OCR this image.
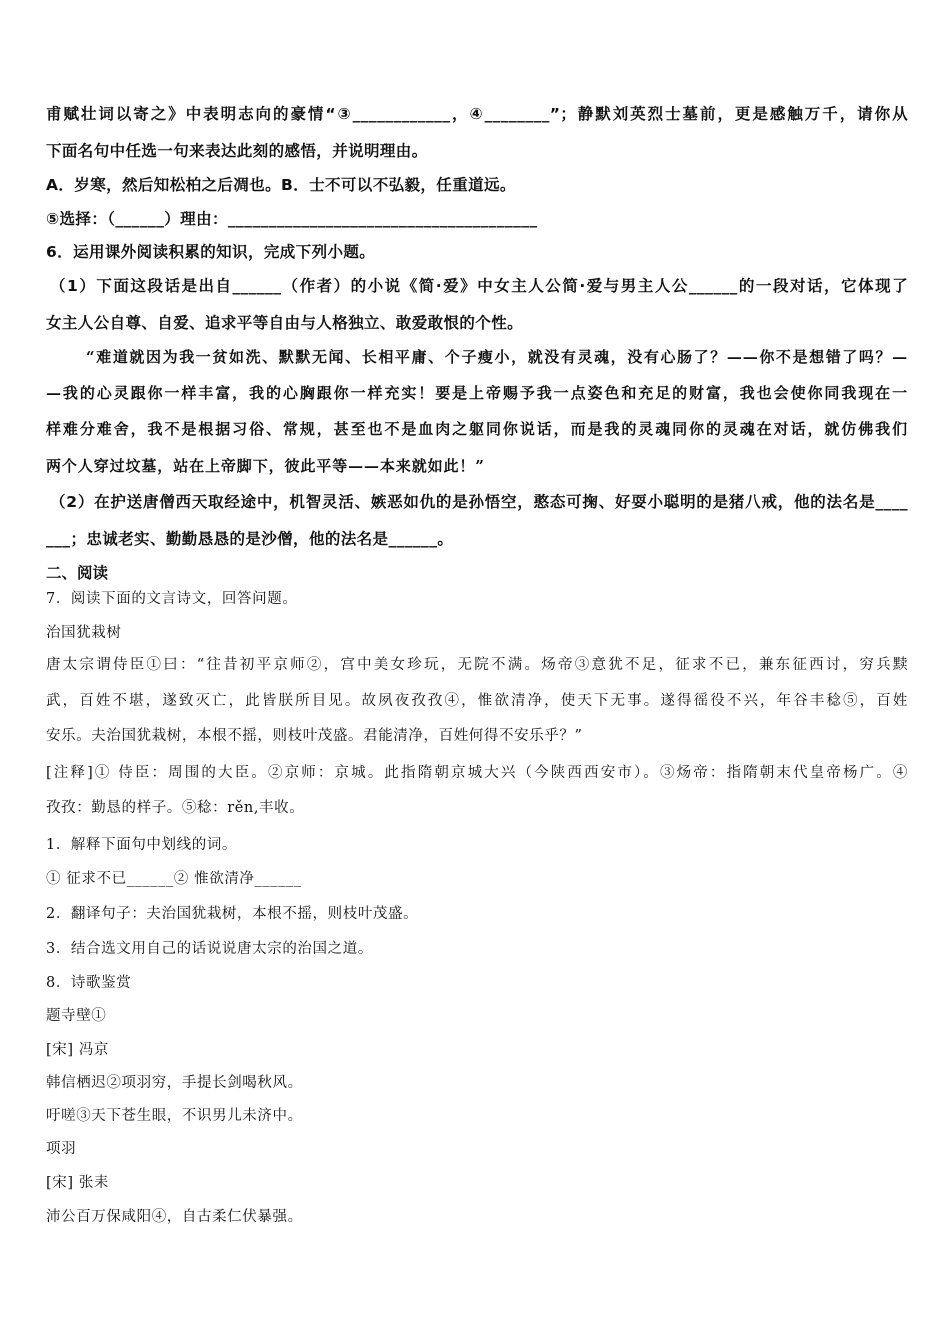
甫赋壮词以寄之》中表明志向的豪情“③____________，④________”；静默刘英烈士墓前，更是感触万千，请你从
下面名句中任选一句来表达此刻的感悟，并说明理由。
A．岁寒，然后知松柏之后凋也。B．士不可以不弘毅，任重道远。
⑤选择：（______）理由：______________________________________
6．运用课外阅读积累的知识，完成下列小题。
（1）下面这段话是出自______（作者）的小说《简·爱》中女主人公简·爱与男主人公______的一段对话，它体现了
女主人公自尊、自爱、追求平等自由与人格独立、敢爱敢恨的个性。
“难道就因为我一贫如洗、默默无闻、长相平庸、个子瘦小，就没有灵魂，没有心肠了？——你不是想错了吗？—
—我的心灵跟你一样丰富，我的心胸跟你一样充实！要是上帝赐予我一点姿色和充足的财富，我也会使你同我现在一
样难分难舍，我不是根据习俗、常规，甚至也不是血肉之躯同你说话，而是我的灵魂同你的灵魂在对话，就仿佛我们
两个人穿过坟墓，站在上帝脚下，彼此平等——本来就如此！”
（2）在护送唐僧西天取经途中，机智灵活、嫉恶如仇的是孙悟空，憨态可掬、好耍小聪明的是猪八戒，他的法名是____
___；忠诚老实、勤勤恳恳的是沙僧，他的法名是______。
二、阅读
7．阅读下面的文言诗文，回答问题。
治国犹栽树
唐太宗谓侍臣①曰：“往昔初平京师②，宫中美女珍玩，无院不满。炀帝③意犹不足，征求不已，兼东征西讨，穷兵黩
武，百姓不堪，遂致灭亡，此皆朕所目见。故夙夜孜孜④，惟欲清净，使天下无事。遂得徭役不兴，年谷丰稔⑤，百姓
安乐。夫治国犹栽树，本根不摇，则枝叶茂盛。君能清净，百姓何得不安乐乎？”
[注释]① 侍臣：周围的大臣。②京师：京城。此指隋朝京城大兴（今陕西西安市）。③炀帝：指隋朝末代皇帝杨广。④
孜孜：勤恳的样子。⑤稔：rěn,丰收。
1．解释下面句中划线的词。
① 征求不已______② 惟欲清净______
2．翻译句子：夫治国犹栽树，本根不摇，则枝叶茂盛。
3．结合选文用自己的话说说唐太宗的治国之道。
8．诗歌鉴赏
题寺壁①
[宋] 冯京
韩信栖迟②项羽穷，手提长剑喝秋风。
吁嗟③天下苍生眼，不识男儿未济中。
项羽
[宋] 张耒
沛公百万保咸阳④，自古柔仁伏暴强。
